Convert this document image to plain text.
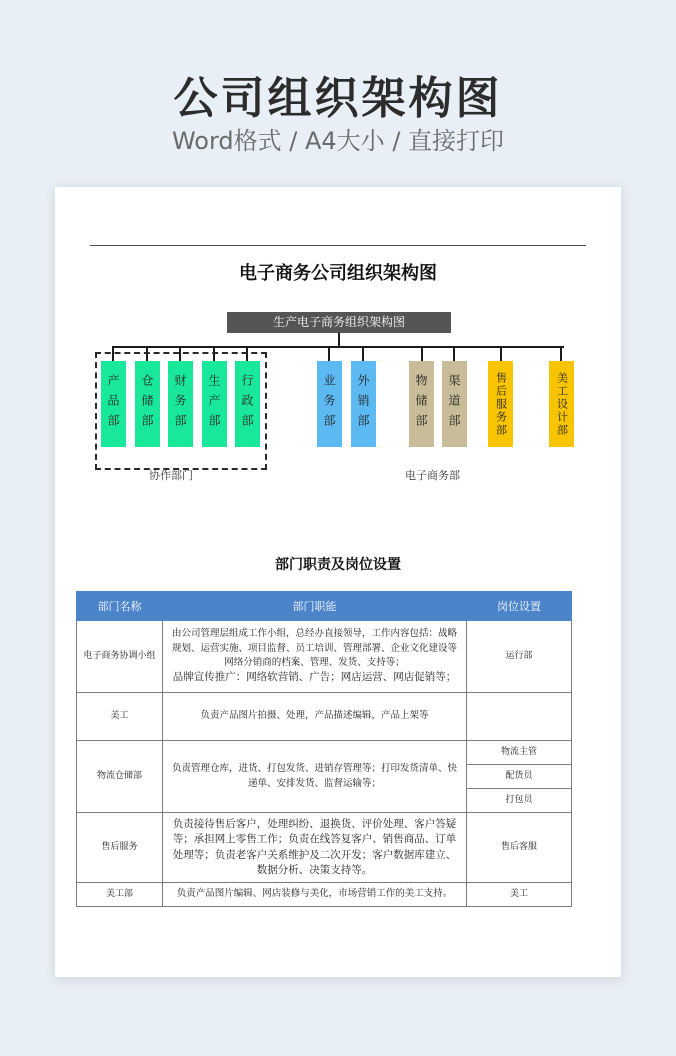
公司组织架构图
Word格式 / A4大小 / 直接打印
电子商务公司组织架构图
生产电子商务组织架构图
产品部 仓储部 财务部 生产部 行政部	业务部 外销部	物储部 渠道部	售后服务部	美工设计部
协作部门	电子商务部
部门职责及岗位设置
部门名称	部门职能	岗位设置
电子商务协调小组	由公司管理层组成工作小组，总经办直接领导，工作内容包括：战略规划、运营实施、项目监督、员工培训、管理部署、企业文化建设等网络分销商的档案、管理、发货、支持等；
品牌宣传推广：网络软营销、广告；网店运营、网店促销等；	运行部
美工	负责产品图片拍摄、处理，产品描述编辑，产品上架等	
物流仓储部	负责管理仓库，进货、打包发货、进销存管理等；打印发货清单、快递单、安排发货、监督运输等；	物流主管
		配货员
		打包员
售后服务	负责接待售后客户，处理纠纷、退换货、评价处理、客户答疑等；承担网上零售工作；负责在线答复客户、销售商品、订单处理等；负责老客户关系维护及二次开发；客户数据库建立、数据分析、决策支持等。	售后客服
美工部	负责产品图片编辑、网店装修与美化，市场营销工作的美工支持。	美工
